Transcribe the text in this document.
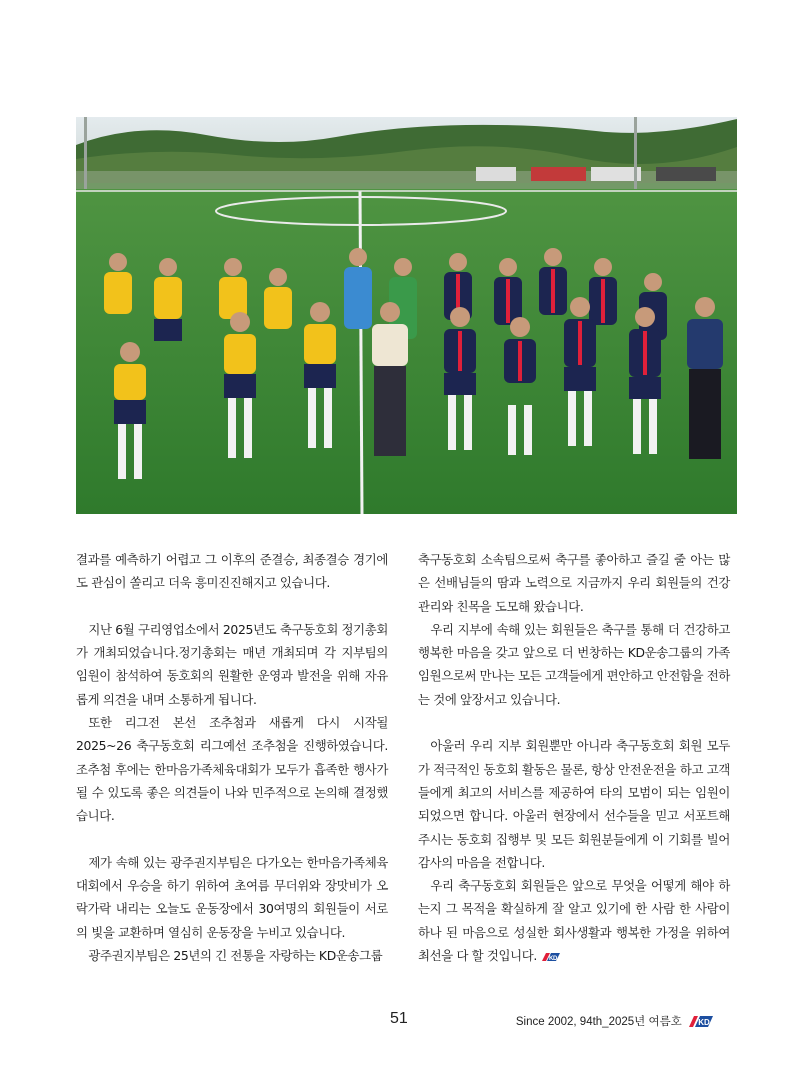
결과를 예측하기 어렵고 그 이후의 준결승, 최종결승 경기에도 관심이 쏠리고 더욱 흥미진진해지고 있습니다.

지난 6월 구리영업소에서 2025년도 축구동호회 정기총회가 개최되었습니다.정기총회는 매년 개최되며 각 지부팀의 임원이 참석하여 동호회의 원활한 운영과 발전을 위해 자유롭게 의견을 내며 소통하게 됩니다.

또한 리그전 본선 조추첨과 새롭게 다시 시작될 2025~26 축구동호회 리그예선 조추첨을 진행하였습니다. 조추첨 후에는 한마음가족체육대회가 모두가 흡족한 행사가 될 수 있도록 좋은 의견들이 나와 민주적으로 논의해 결정했습니다.

제가 속해 있는 광주권지부팀은 다가오는 한마음가족체육대회에서 우승을 하기 위하여 초여름 무더위와 장맛비가 오락가락 내리는 오늘도 운동장에서 30여명의 회원들이 서로의 빛을 교환하며 열심히 운동장을 누비고 있습니다.

광주권지부팀은 25년의 긴 전통을 자랑하는 KD운송그룹

축구동호회 소속팀으로써 축구를 좋아하고 즐길 줄 아는 많은 선배님들의 땀과 노력으로 지금까지 우리 회원들의 건강관리와 친목을 도모해 왔습니다.

우리 지부에 속해 있는 회원들은 축구를 통해 더 건강하고 행복한 마음을 갖고 앞으로 더 번창하는 KD운송그룹의 가족 임원으로써 만나는 모든 고객들에게 편안하고 안전함을 전하는 것에 앞장서고 있습니다.

아울러 우리 지부 회원뿐만 아니라 축구동호회 회원 모두가 적극적인 동호회 활동은 물론, 항상 안전운전을 하고 고객들에게 최고의 서비스를 제공하여 타의 모범이 되는 임원이 되었으면 합니다. 아울러 현장에서 선수들을 믿고 서포트해주시는 동호회 집행부 및 모든 회원분들에게 이 기회를 빌어 감사의 마음을 전합니다.

우리 축구동호회 회원들은 앞으로 무엇을 어떻게 해야 하는지 그 목적을 확실하게 잘 알고 있기에 한 사람 한 사람이 하나 된 마음으로 성실한 회사생활과 행복한 가정을 위하여 최선을 다 할 것입니다. KD

51	Since 2002, 94th_2025년 여름호 KD
